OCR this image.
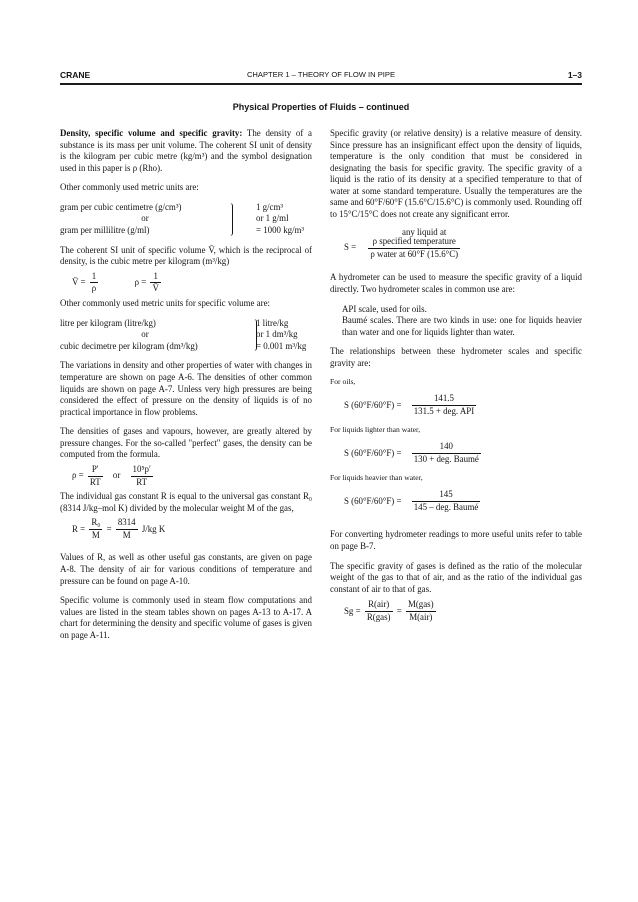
CRANE	CHAPTER 1 – THEORY OF FLOW IN PIPE	1–3
Physical Properties of Fluids – continued

Density, specific volume and specific gravity: The density of a substance is its mass per unit volume. The coherent SI unit of density is the kilogram per cubic metre (kg/m³) and the symbol designation used in this paper is ρ (Rho).

Other commonly used metric units are:

gram per cubic centimetre (g/cm³)	1 g/cm³
or	or 1 g/ml
gram per millilitre (g/ml)	= 1000 kg/m³

The coherent SI unit of specific volume V̄, which is the reciprocal of density, is the cubic metre per kilogram (m³/kg)

V̄ = $\frac{1}{\rho}$	$\rho = \frac{1}{V̄}$

Other commonly used metric units for specific volume are:

litre per kilogram (litre/kg)	1 litre/kg
or	or 1 dm³/kg
cubic decimetre per kilogram (dm³/kg)	= 0.001 m³/kg

The variations in density and other properties of water with changes in temperature are shown on page A-6. The densities of other common liquids are shown on page A-7. Unless very high pressures are being considered the effect of pressure on the density of liquids is of no practical importance in flow problems.

The densities of gases and vapours, however, are greatly altered by pressure changes. For the so-called "perfect" gases, the density can be computed from the formula.

$\rho = \frac{P'}{RT}$ or $\frac{\text{10⁵p′}}{RT}$

The individual gas constant R is equal to the universal gas constant R₀ (8314 J/kg–mol K) divided by the molecular weight M of the gas,

$R = \frac{\text{R₀}}{M} = \frac{8314}{M} J/kg$ K

Values of R, as well as other useful gas constants, are given on page A-8. The density of air for various conditions of temperature and pressure can be found on page A-10.

Specific volume is commonly used in steam flow computations and values are listed in the steam tables shown on pages A-13 to A-17. A chart for determining the density and specific volume of gases is given on page A-11.

Specific gravity (or relative density) is a relative measure of density. Since pressure has an insignificant effect upon the density of liquids, temperature is the only condition that must be considered in designating the basis for specific gravity. The specific gravity of a liquid is the ratio of its density at a specified temperature to that of water at some standard temperature. Usually the temperatures are the same and 60°F/60°F (15.6°C/15.6°C) is commonly used. Rounding off to 15°C/15°C does not create any significant error.

any liquid at
$S = \frac{\text{ρ specified temperature}}{\text{ρ water at 60°F (15.6°C)}}$

A hydrometer can be used to measure the specific gravity of a liquid directly. Two hydrometer scales in common use are:

API scale, used for oils.

Baumé scales. There are two kinds in use: one for liquids heavier than water and one for liquids lighter than water.

The relationships between these hydrometer scales and specific gravity are:

For oils,

S $(60^\circ F/60^\circ F) = \frac{141.5}{\text{131.5 + deg. API}}$

For liquids lighter than water,

S $(60^\circ F/60^\circ F) = \frac{140}{\text{130 + deg. Baumé}}$

For liquids heavier than water,

S $(60^\circ F/60^\circ F) = \frac{145}{\text{145 – deg. Baumé}}$

For converting hydrometer readings to more useful units refer to table on page B-7.

The specific gravity of gases is defined as the ratio of the molecular weight of the gas to that of air, and as the ratio of the individual gas constant of air to that of gas.

$Sg = \frac{\text{R(air)}}{\text{R(gas)}} = \frac{\text{M(gas)}}{\text{M(air)}}$
